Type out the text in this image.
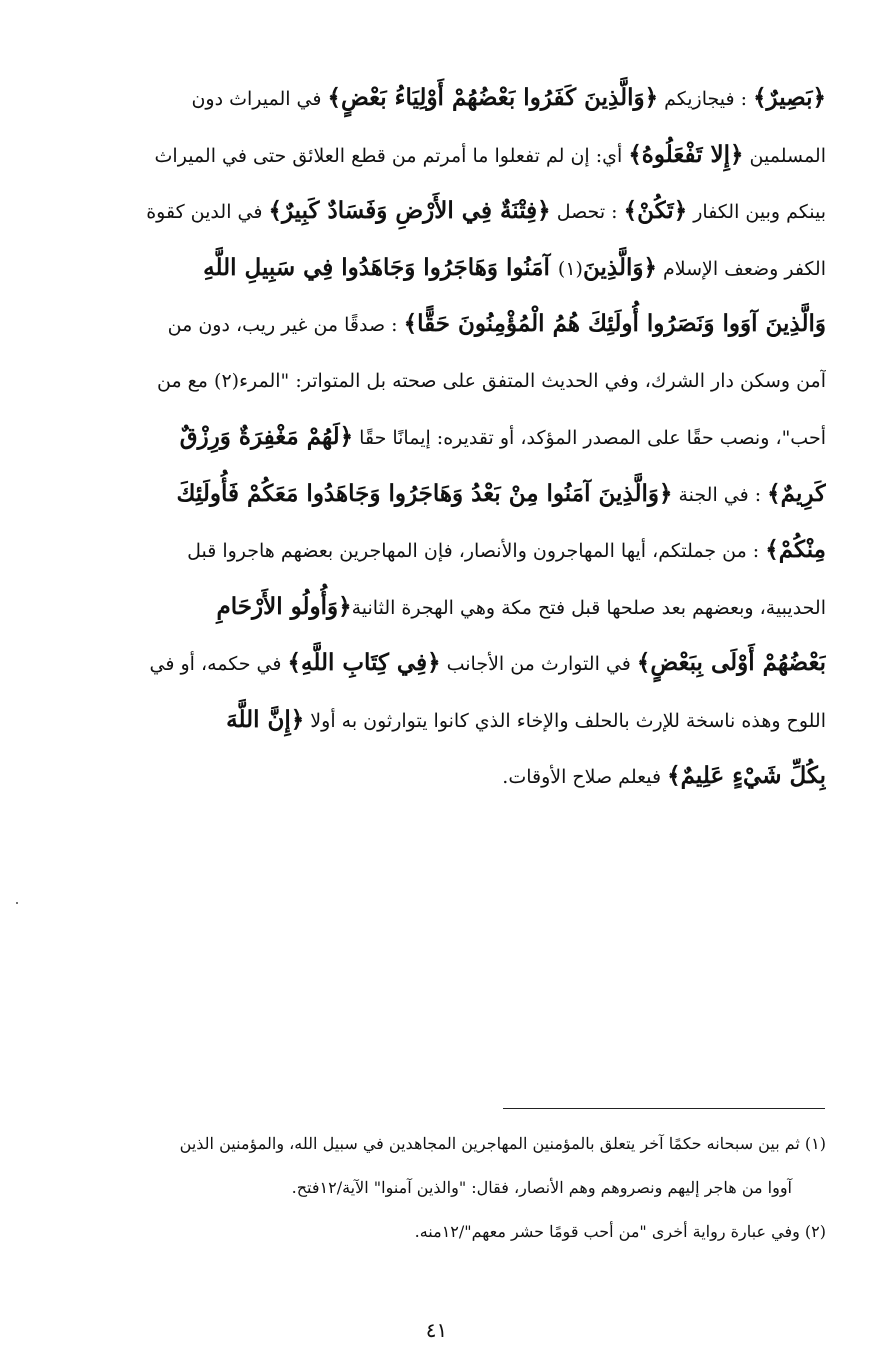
﴿بَصِيرٌ﴾ : فيجازيكم ﴿وَالَّذِينَ كَفَرُوا بَعْضُهُمْ أَوْلِيَاءُ بَعْضٍ﴾ في الميراث دون
المسلمين ﴿إِلا تَفْعَلُوهُ﴾ أي: إن لم تفعلوا ما أمرتم من قطع العلائق حتى في الميراث
بينكم وبين الكفار ﴿تَكُنْ﴾ : تحصل ﴿فِتْنَةٌ فِي الأَرْضِ وَفَسَادٌ كَبِيرٌ﴾ في الدين كقوة
الكفر وضعف الإسلام ﴿وَالَّذِينَ(١) آمَنُوا وَهَاجَرُوا وَجَاهَدُوا فِي سَبِيلِ اللَّهِ
وَالَّذِينَ آوَوا وَنَصَرُوا أُولَئِكَ هُمُ الْمُؤْمِنُونَ حَقًّا﴾ : صدقًا من غير ريب، دون من
آمن وسكن دار الشرك، وفي الحديث المتفق على صحته بل المتواتر: "المرء(٢) مع من
أحب"، ونصب حقًا على المصدر المؤكد، أو تقديره: إيمانًا حقًا ﴿لَهُمْ مَغْفِرَةٌ وَرِزْقٌ
كَرِيمٌ﴾ : في الجنة ﴿وَالَّذِينَ آمَنُوا مِنْ بَعْدُ وَهَاجَرُوا وَجَاهَدُوا مَعَكُمْ فَأُولَئِكَ
مِنْكُمْ﴾ : من جملتكم، أيها المهاجرون والأنصار، فإن المهاجرين بعضهم هاجروا قبل
الحديبية، وبعضهم بعد صلحها قبل فتح مكة وهي الهجرة الثانية﴿وَأُولُو الأَرْحَامِ
بَعْضُهُمْ أَوْلَى بِبَعْضٍ﴾ في التوارث من الأجانب ﴿فِي كِتَابِ اللَّهِ﴾ في حكمه، أو في
اللوح وهذه ناسخة للإرث بالحلف والإخاء الذي كانوا يتوارثون به أولا ﴿إِنَّ اللَّهَ
بِكُلِّ شَيْءٍ عَلِيمٌ﴾ فيعلم صلاح الأوقات.
(١) ثم بين سبحانه حكمًا آخر يتعلق بالمؤمنين المهاجرين المجاهدين في سبيل الله، والمؤمنين الذين
آووا من هاجر إليهم ونصروهم وهم الأنصار، فقال: "والذين آمنوا" الآية/١٢فتح.
(٢) وفي عبارة رواية أخرى "من أحب قومًا حشر معهم"/١٢منه.
٤١
